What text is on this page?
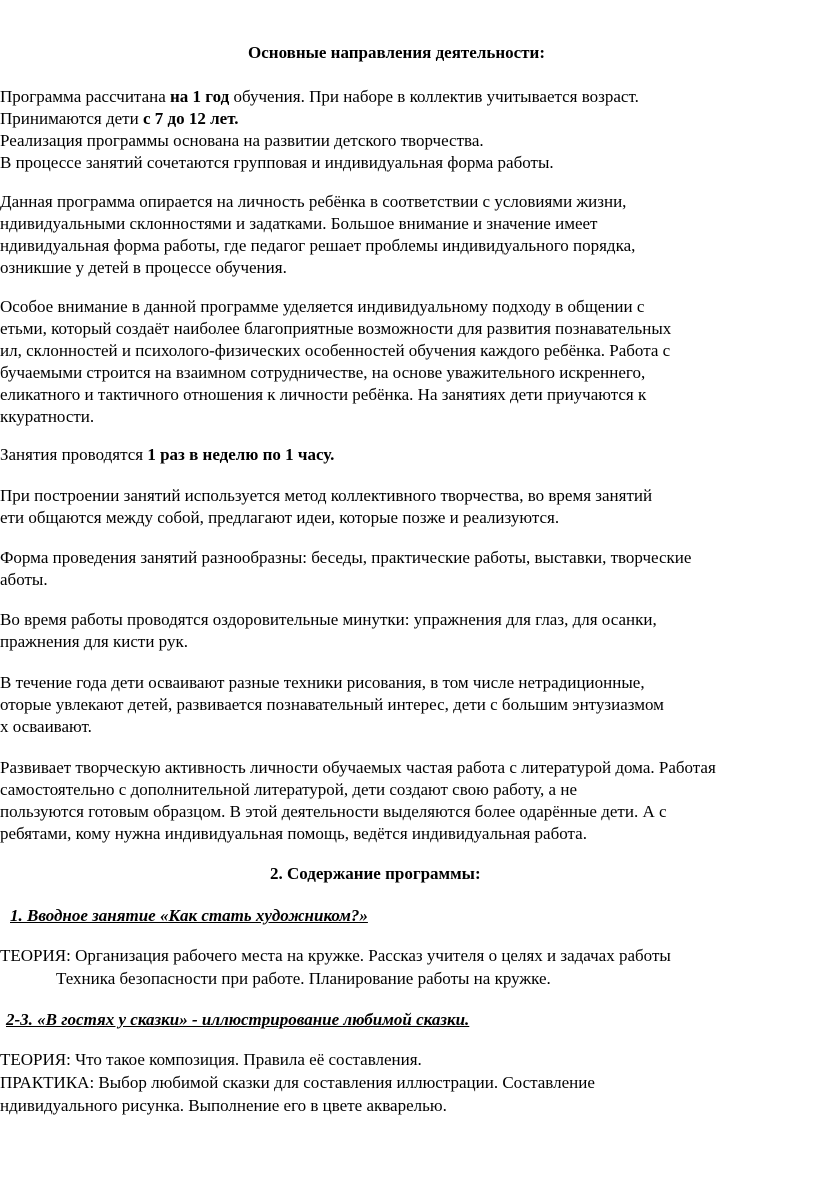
Основные направления деятельности:
Программа рассчитана на 1 год обучения. При наборе в коллектив учитывается возраст.
Принимаются дети с 7 до 12 лет.
Реализация программы основана на развитии детского творчества.
В процессе занятий сочетаются групповая и индивидуальная форма работы.
Данная программа опирается на личность ребёнка в соответствии с условиями жизни,
ндивидуальными склонностями и задатками. Большое внимание и значение имеет
ндивидуальная форма работы, где педагог решает проблемы индивидуального порядка,
озникшие у детей в процессе обучения.
Особое внимание в данной программе уделяется индивидуальному подходу в общении с
етьми, который создаёт наиболее благоприятные возможности для развития познавательных
ил, склонностей и психолого-физических особенностей обучения каждого ребёнка. Работа с
бучаемыми строится на взаимном сотрудничестве, на основе уважительного искреннего,
еликатного и тактичного отношения к личности ребёнка. На занятиях дети приучаются к
ккуратности.
Занятия проводятся 1 раз в неделю по 1 часу.
При построении занятий используется метод коллективного творчества, во время занятий
ети общаются между собой, предлагают идеи, которые позже и реализуются.
Форма проведения занятий разнообразны: беседы, практические работы, выставки, творческие
аботы.
Во время работы проводятся оздоровительные минутки: упражнения для глаз, для осанки,
пражнения для кисти рук.
В течение года дети осваивают разные техники рисования, в том числе нетрадиционные,
оторые увлекают детей, развивается познавательный интерес, дети с большим энтузиазмом
х осваивают.
Развивает творческую активность личности обучаемых частая работа с литературой дома. Работая
самостоятельно с дополнительной литературой, дети создают свою работу, а не
пользуются готовым образцом. В этой деятельности выделяются более одарённые дети. А с
ребятами, кому нужна индивидуальная помощь, ведётся индивидуальная работа.
2. Содержание программы:
1. Вводное занятие «Как стать художником?»
ТЕОРИЯ: Организация рабочего места на кружке. Рассказ учителя о целях и задачах работы
Техника безопасности при работе. Планирование работы на кружке.
2-3. «В гостях у сказки» - иллюстрирование любимой сказки.
ТЕОРИЯ: Что такое композиция. Правила её составления.
ПРАКТИКА: Выбор любимой сказки для составления иллюстрации. Составление
ндивидуального рисунка. Выполнение его в цвете акварелью.
